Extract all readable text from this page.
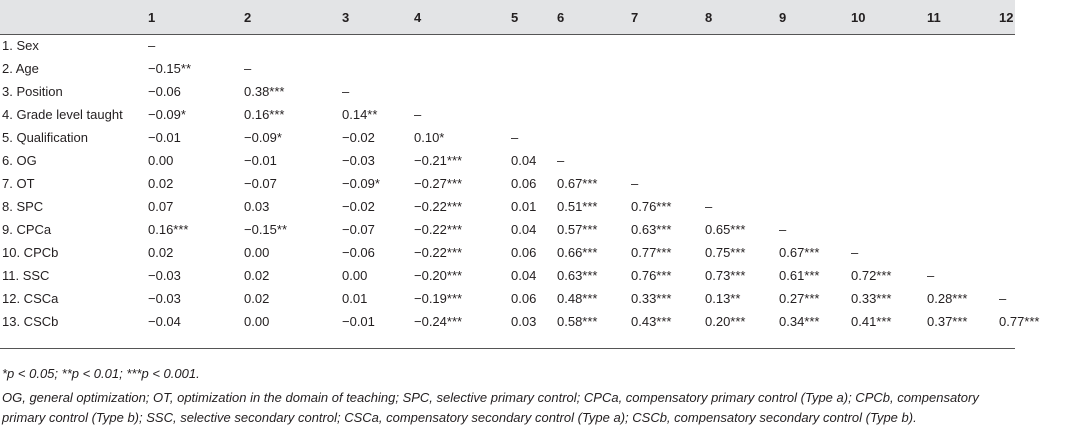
	1	2	3	4	5	6	7	8	9	10	11	12
1. Sex	–											
2. Age	−0.15**	–										
3. Position	−0.06	0.38***	–									
4. Grade level taught	−0.09*	0.16***	0.14**	–								
5. Qualification	−0.01	−0.09*	−0.02	0.10*	–							
6. OG	0.00	−0.01	−0.03	−0.21***	0.04	–						
7. OT	0.02	−0.07	−0.09*	−0.27***	0.06	0.67***	–					
8. SPC	0.07	0.03	−0.02	−0.22***	0.01	0.51***	0.76***	–				
9. CPCa	0.16***	−0.15**	−0.07	−0.22***	0.04	0.57***	0.63***	0.65***	–			
10. CPCb	0.02	0.00	−0.06	−0.22***	0.06	0.66***	0.77***	0.75***	0.67***	–		
11. SSC	−0.03	0.02	0.00	−0.20***	0.04	0.63***	0.76***	0.73***	0.61***	0.72***	–	
12. CSCa	−0.03	0.02	0.01	−0.19***	0.06	0.48***	0.33***	0.13**	0.27***	0.33***	0.28***	–
13. CSCb	−0.04	0.00	−0.01	−0.24***	0.03	0.58***	0.43***	0.20***	0.34***	0.41***	0.37***	0.77***

*p < 0.05; **p < 0.01; ***p < 0.001.

OG, general optimization; OT, optimization in the domain of teaching; SPC, selective primary control; CPCa, compensatory primary control (Type a); CPCb, compensatory primary control (Type b); SSC, selective secondary control; CSCa, compensatory secondary control (Type a); CSCb, compensatory secondary control (Type b).
